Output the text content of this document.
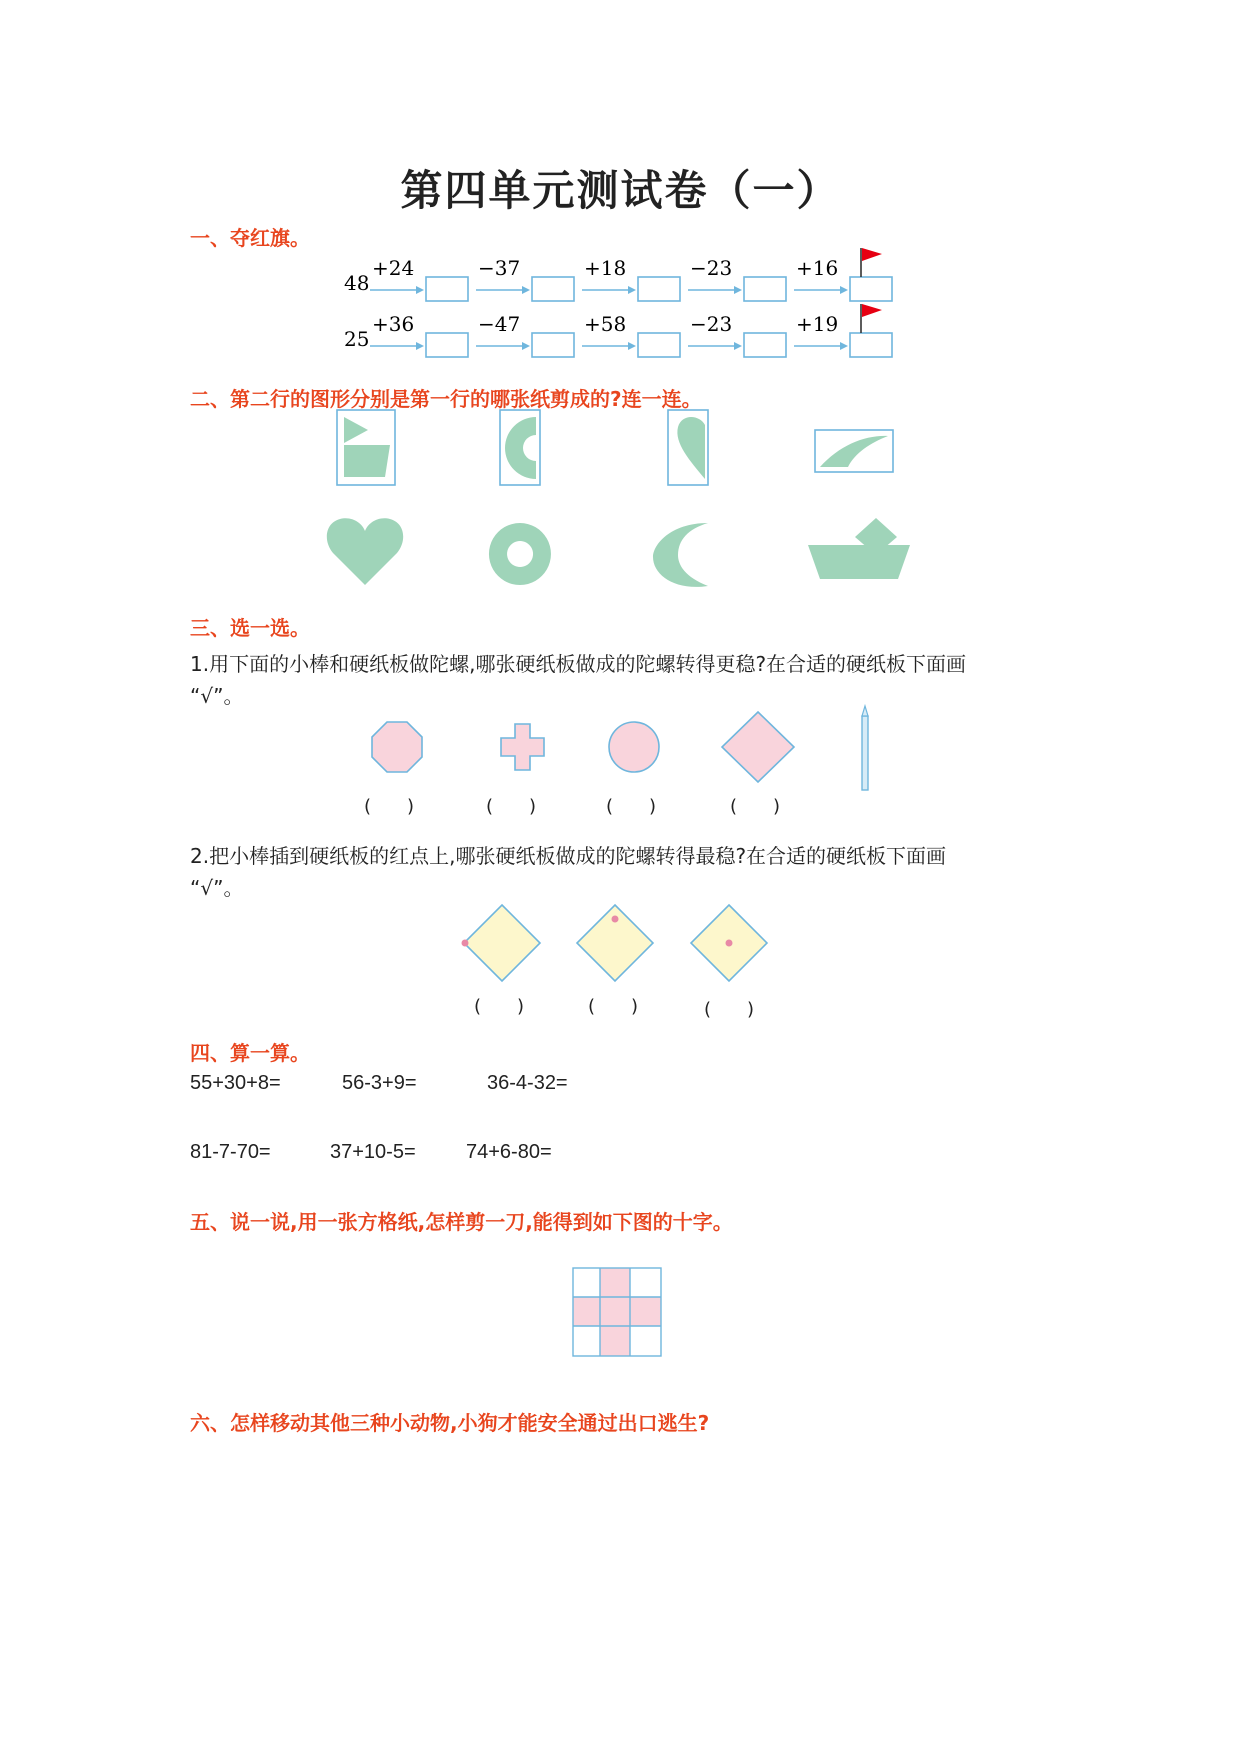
第四单元测试卷（一）
一、夺红旗。
48
+24	−37	+18	−23	+16
25
+36	−47	+58	−23	+19
二、第二行的图形分别是第一行的哪张纸剪成的?连一连。
三、选一选。
1.用下面的小棒和硬纸板做陀螺,哪张硬纸板做成的陀螺转得更稳?在合适的硬纸板下面画
“√”。
(　　)	(　　)	(　　)	(　　)
2.把小棒插到硬纸板的红点上,哪张硬纸板做成的陀螺转得最稳?在合适的硬纸板下面画
“√”。
(　　)	(　　)	(　　)
四、算一算。
55+30+8=	56-3+9=	36-4-32=
81-7-70=	37+10-5=	74+6-80=
五、说一说,用一张方格纸,怎样剪一刀,能得到如下图的十字。
六、怎样移动其他三种小动物,小狗才能安全通过出口逃生?
